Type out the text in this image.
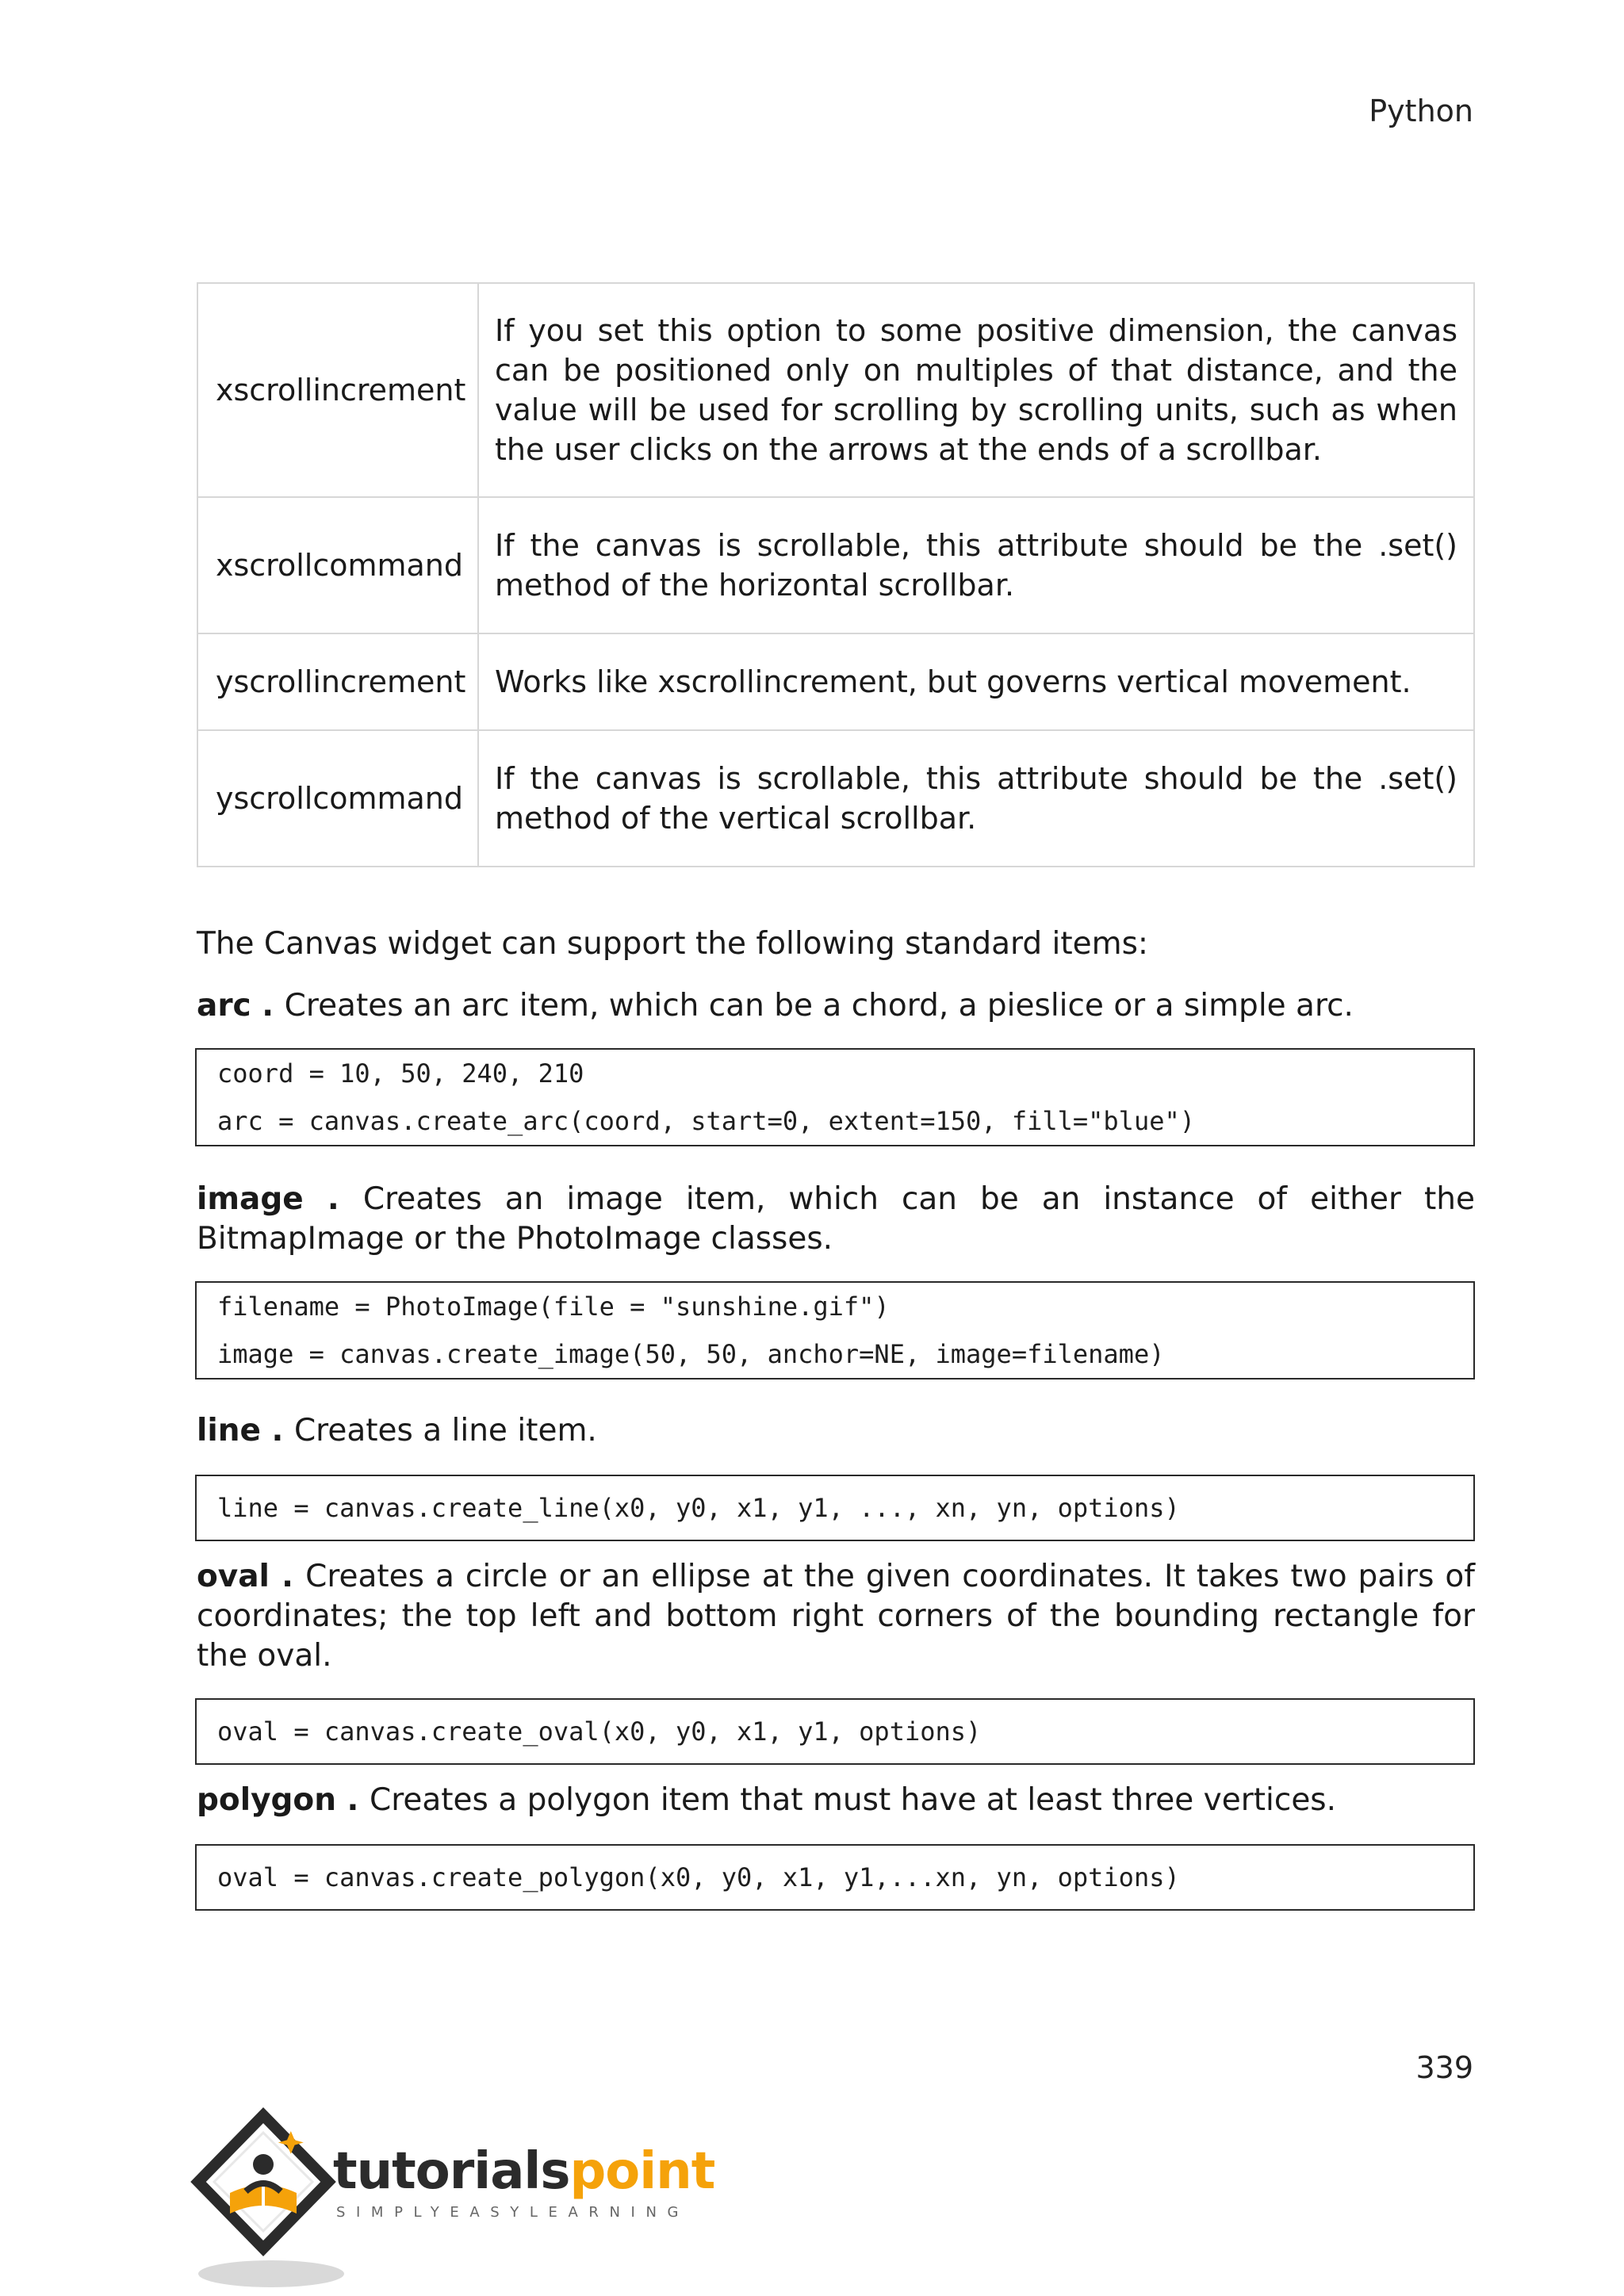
Python
xscrollincrement	If you set this option to some positive dimension, the canvas can be positioned only on multiples of that distance, and the value will be used for scrolling by scrolling units, such as when the user clicks on the arrows at the ends of a scrollbar.
xscrollcommand	If the canvas is scrollable, this attribute should be the .set() method of the horizontal scrollbar.
yscrollincrement	Works like xscrollincrement, but governs vertical movement.
yscrollcommand	If the canvas is scrollable, this attribute should be the .set() method of the vertical scrollbar.

The Canvas widget can support the following standard items:

arc . Creates an arc item, which can be a chord, a pieslice or a simple arc.

coord = 10, 50, 240, 210
arc = canvas.create_arc(coord, start=0, extent=150, fill="blue")

image . Creates an image item, which can be an instance of either the BitmapImage or the PhotoImage classes.

filename = PhotoImage(file = "sunshine.gif")
image = canvas.create_image(50, 50, anchor=NE, image=filename)

line . Creates a line item.

line = canvas.create_line(x0, y0, x1, y1, ..., xn, yn, options)

oval . Creates a circle or an ellipse at the given coordinates. It takes two pairs of coordinates; the top left and bottom right corners of the bounding rectangle for the oval.

oval = canvas.create_oval(x0, y0, x1, y1, options)

polygon . Creates a polygon item that must have at least three vertices.

oval = canvas.create_polygon(x0, y0, x1, y1,...xn, yn, options)
339
tutorialspoint
SIMPLYEASYLEARNING
